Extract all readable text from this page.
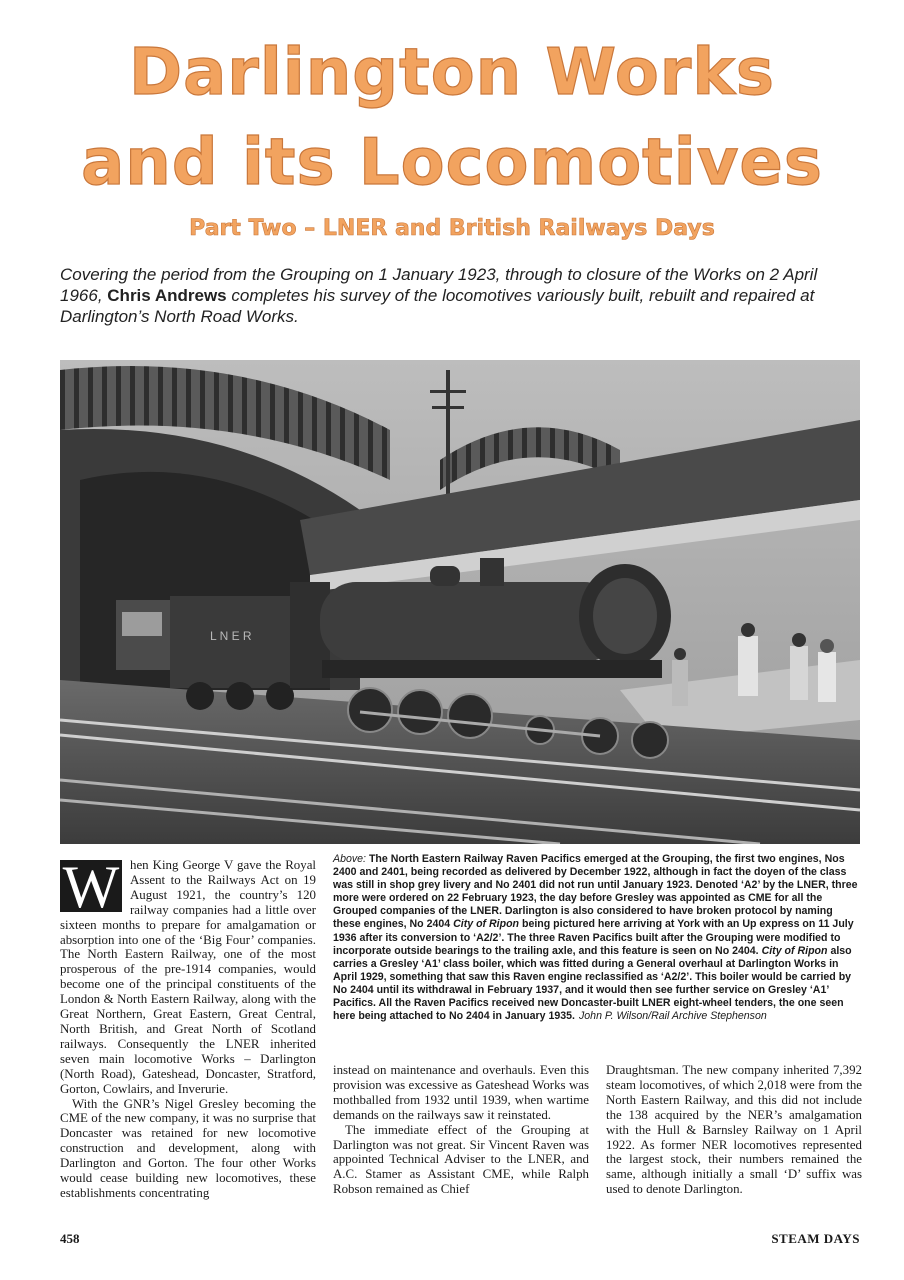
Darlington Works
and its Locomotives
Part Two – LNER and British Railways Days

Covering the period from the Grouping on 1 January 1923, through to closure of the Works on 2 April 1966, Chris Andrews completes his survey of the locomotives variously built, rebuilt and repaired at Darlington’s North Road Works.

L N E R

Above: The North Eastern Railway Raven Pacifics emerged at the Grouping, the first two engines, Nos 2400 and 2401, being recorded as delivered by December 1922, although in fact the doyen of the class was still in shop grey livery and No 2401 did not run until January 1923. Denoted ‘A2’ by the LNER, three more were ordered on 22 February 1923, the day before Gresley was appointed as CME for all the Grouped companies of the LNER. Darlington is also considered to have broken protocol by naming these engines, No 2404 City of Ripon being pictured here arriving at York with an Up express on 11 July 1936 after its conversion to ‘A2/2’. The three Raven Pacifics built after the Grouping were modified to incorporate outside bearings to the trailing axle, and this feature is seen on No 2404. City of Ripon also carries a Gresley ‘A1’ class boiler, which was fitted during a General overhaul at Darlington Works in April 1929, something that saw this Raven engine reclassified as ‘A2/2’. This boiler would be carried by No 2404 until its withdrawal in February 1937, and it would then see further service on Gresley ‘A1’ Pacifics. All the Raven Pacifics received new Doncaster-built LNER eight-wheel tenders, the one seen here being attached to No 2404 in January 1935. John P. Wilson/Rail Archive Stephenson

W hen King George V gave the Royal Assent to the Railways Act on 19 August 1921, the country’s 120 railway companies had a little over sixteen months to prepare for amalgamation or absorption into one of the ‘Big Four’ companies. The North Eastern Railway, one of the most prosperous of the pre-1914 companies, would become one of the principal constituents of the London & North Eastern Railway, along with the Great Northern, Great Eastern, Great Central, North British, and Great North of Scotland railways. Consequently the LNER inherited seven main locomotive Works – Darlington (North Road), Gateshead, Doncaster, Stratford, Gorton, Cowlairs, and Inverurie.

With the GNR’s Nigel Gresley becoming the CME of the new company, it was no surprise that Doncaster was retained for new locomotive construction and development, along with Darlington and Gorton. The four other Works would cease building new locomotives, these establishments concentrating

instead on maintenance and overhauls. Even this provision was excessive as Gateshead Works was mothballed from 1932 until 1939, when wartime demands on the railways saw it reinstated.

The immediate effect of the Grouping at Darlington was not great. Sir Vincent Raven was appointed Technical Adviser to the LNER, and A.C. Stamer as Assistant CME, while Ralph Robson remained as Chief

Draughtsman. The new company inherited 7,392 steam locomotives, of which 2,018 were from the North Eastern Railway, and this did not include the 138 acquired by the NER’s amalgamation with the Hull & Barnsley Railway on 1 April 1922. As former NER locomotives represented the largest stock, their numbers remained the same, although initially a small ‘D’ suffix was used to denote Darlington.

458	STEAM DAYS
